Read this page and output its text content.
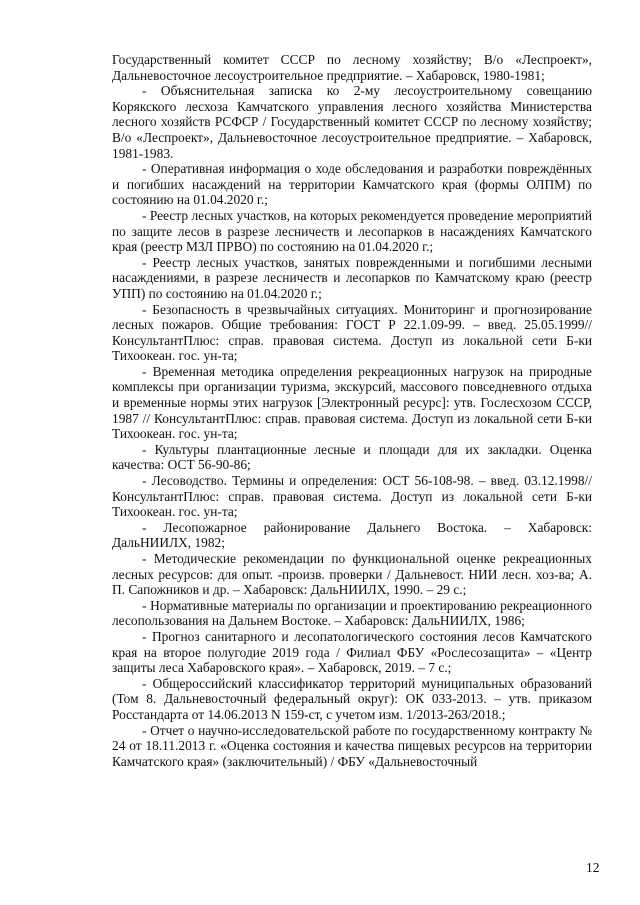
Государственный комитет СССР по лесному хозяйству; В/о «Леспроект», Дальневосточное лесоустроительное предприятие. – Хабаровск, 1980-1981;

- Объяснительная записка ко 2-му лесоустроительному совещанию Корякского лесхоза Камчатского управления лесного хозяйства Министерства лесного хозяйств РСФСР / Государственный комитет СССР по лесному хозяйству; В/о «Леспроект», Дальневосточное лесоустроительное предприятие. – Хабаровск, 1981-1983.

- Оперативная информация о ходе обследования и разработки повреждённых и погибших насаждений на территории Камчатского края (формы ОЛПМ) по состоянию на 01.04.2020 г.;

- Реестр лесных участков, на которых рекомендуется проведение мероприятий по защите лесов в разрезе лесничеств и лесопарков в насаждениях Камчатского края (реестр МЗЛ ПРВО) по состоянию на 01.04.2020 г.;

- Реестр лесных участков, занятых поврежденными и погибшими лесными насаждениями, в разрезе лесничеств и лесопарков по Камчатскому краю (реестр УПП) по состоянию на 01.04.2020 г.;

- Безопасность в чрезвычайных ситуациях. Мониторинг и прогнозирование лесных пожаров. Общие требования: ГОСТ Р 22.1.09-99. – введ. 25.05.1999// КонсультантПлюс: справ. правовая система. Доступ из локальной сети Б-ки Тихоокеан. гос. ун-та;

- Временная методика определения рекреационных нагрузок на природные комплексы при организации туризма, экскурсий, массового повседневного отдыха и временные нормы этих нагрузок [Электронный ресурс]: утв. Гослесхозом СССР, 1987 // КонсультантПлюс: справ. правовая система. Доступ из локальной сети Б-ки Тихоокеан. гос. ун-та;

- Культуры плантационные лесные и площади для их закладки. Оценка качества: ОСТ 56-90-86;

- Лесоводство. Термины и определения: ОСТ 56-108-98. – введ. 03.12.1998// КонсультантПлюс: справ. правовая система. Доступ из локальной сети Б-ки Тихоокеан. гос. ун-та;

- Лесопожарное районирование Дальнего Востока. – Хабаровск: ДальНИИЛХ, 1982;

- Методические рекомендации по функциональной оценке рекреационных лесных ресурсов: для опыт. -произв. проверки / Дальневост. НИИ лесн. хоз-ва; А. П. Сапожников и др. – Хабаровск: ДальНИИЛХ, 1990. – 29 с.;

- Нормативные материалы по организации и проектированию рекреационного лесопользования на Дальнем Востоке. – Хабаровск: ДальНИИЛХ, 1986;

- Прогноз санитарного и лесопатологического состояния лесов Камчатского края на второе полугодие 2019 года / Филиал ФБУ «Рослесозащита» – «Центр защиты леса Хабаровского края». – Хабаровск, 2019. – 7 с.;

- Общероссийский классификатор территорий муниципальных образований (Том 8. Дальневосточный федеральный округ): ОК 033-2013. – утв. приказом Росстандарта от 14.06.2013 N 159-ст, с учетом изм. 1/2013-263/2018.;

- Отчет о научно-исследовательской работе по государственному контракту № 24 от 18.11.2013 г. «Оценка состояния и качества пищевых ресурсов на территории Камчатского края» (заключительный) / ФБУ «Дальневосточный

12
